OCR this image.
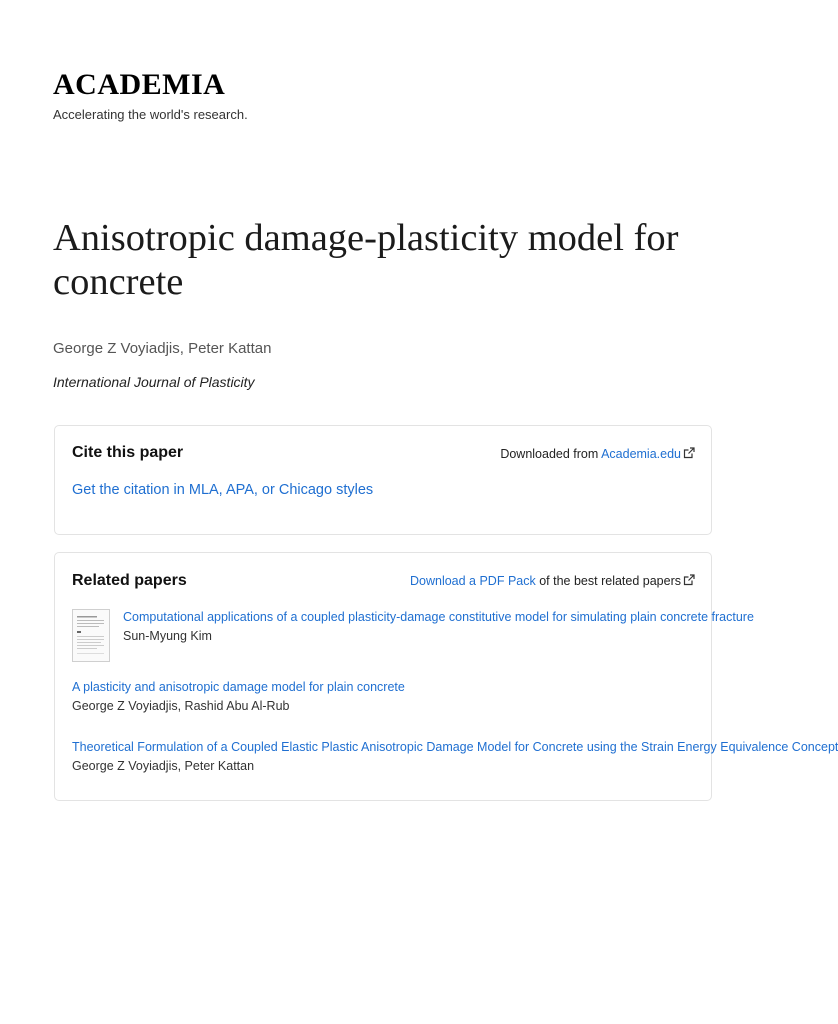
ACADEMIA
Accelerating the world's research.
Anisotropic damage‐plasticity model for concrete
George Z Voyiadjis, Peter Kattan
International Journal of Plasticity
Cite this paper	Downloaded from Academia.edu
Get the citation in MLA, APA, or Chicago styles
Related papers	Download a PDF Pack of the best related papers
Computational applications of a coupled plasticity-damage constitutive model for simulating plain concrete fracture
Sun-Myung Kim
A plasticity and anisotropic damage model for plain concrete
George Z Voyiadjis, Rashid Abu Al-Rub
Theoretical Formulation of a Coupled Elastic Plastic Anisotropic Damage Model for Concrete using the Strain Energy Equivalence Concept
George Z Voyiadjis, Peter Kattan
